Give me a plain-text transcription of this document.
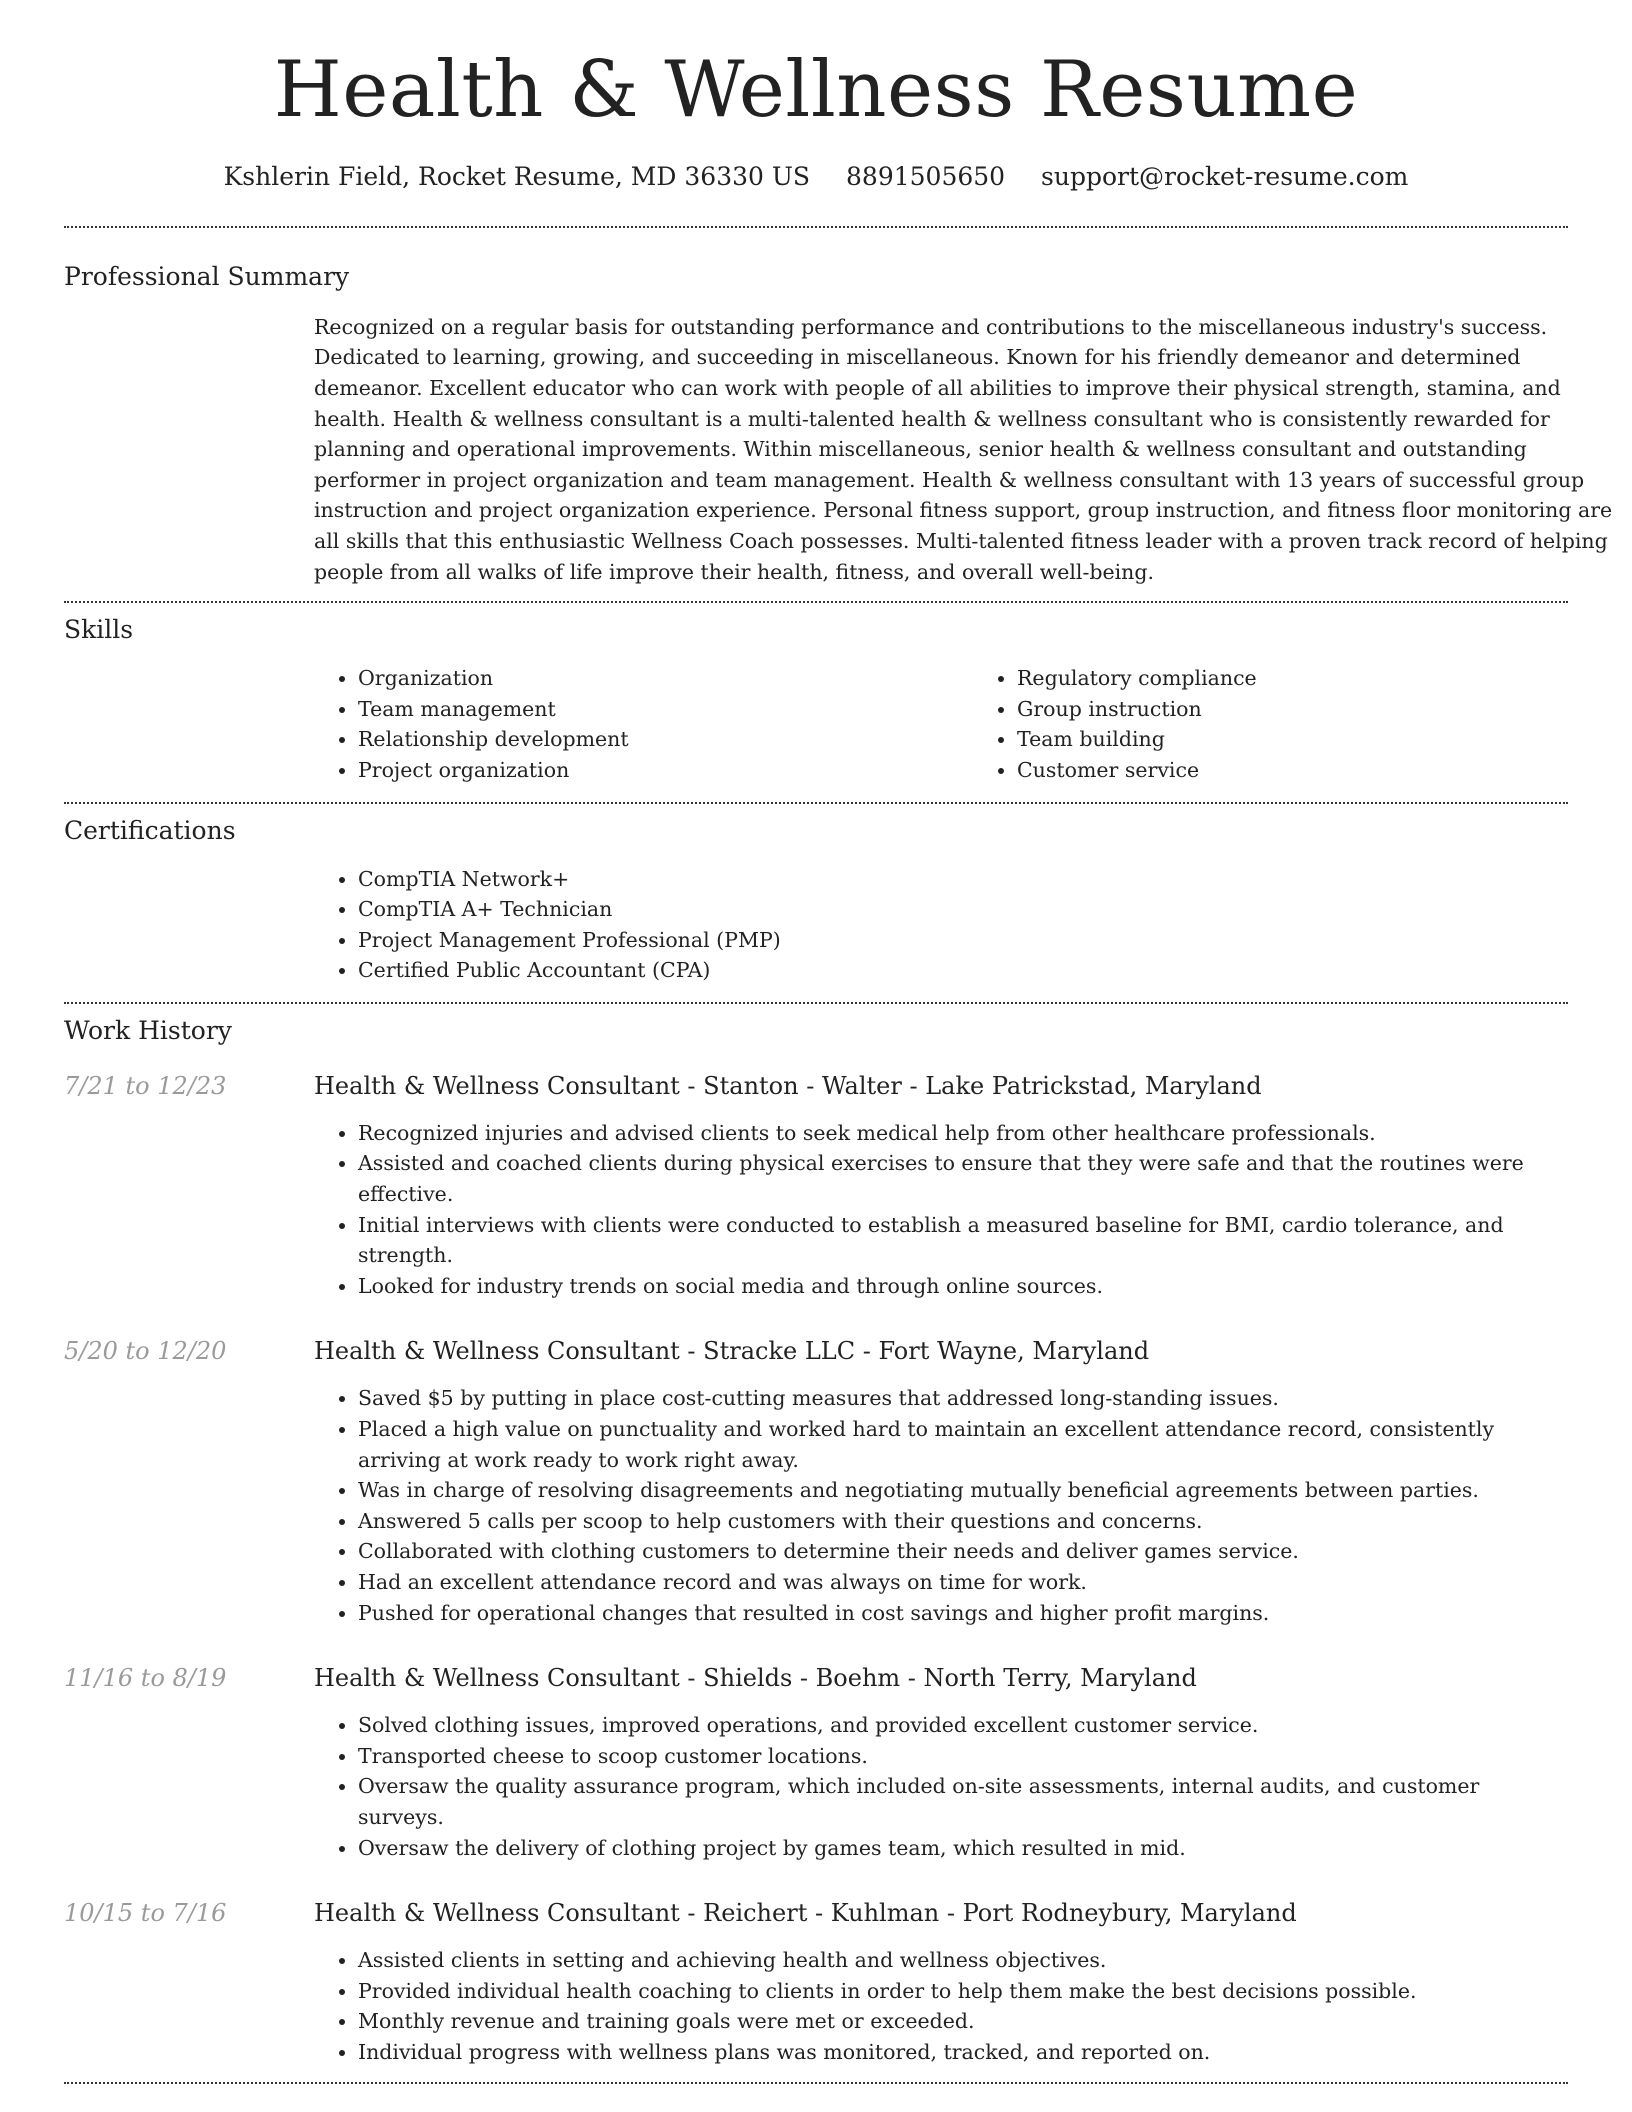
Health & Wellness Resume
Kshlerin Field, Rocket Resume, MD 36330 US 8891505650 support@rocket-resume.com
Professional Summary

Recognized on a regular basis for outstanding performance and contributions to the miscellaneous industry's success. Dedicated to learning, growing, and succeeding in miscellaneous. Known for his friendly demeanor and determined demeanor. Excellent educator who can work with people of all abilities to improve their physical strength, stamina, and health. Health & wellness consultant is a multi-talented health & wellness consultant who is consistently rewarded for planning and operational improvements. Within miscellaneous, senior health & wellness consultant and outstanding performer in project organization and team management. Health & wellness consultant with 13 years of successful group instruction and project organization experience. Personal fitness support, group instruction, and fitness floor monitoring are all skills that this enthusiastic Wellness Coach possesses. Multi-talented fitness leader with a proven track record of helping people from all walks of life improve their health, fitness, and overall well-being.

Skills
• Organization
• Team management
• Relationship development
• Project organization
• Regulatory compliance
• Group instruction
• Team building
• Customer service
Certifications
• CompTIA Network+
• CompTIA A+ Technician
• Project Management Professional (PMP)
• Certified Public Accountant (CPA)
Work History
7/21 to 12/23	Health & Wellness Consultant - Stanton - Walter - Lake Patrickstad, Maryland
• Recognized injuries and advised clients to seek medical help from other healthcare professionals.
• Assisted and coached clients during physical exercises to ensure that they were safe and that the routines were effective.
• Initial interviews with clients were conducted to establish a measured baseline for BMI, cardio tolerance, and strength.
• Looked for industry trends on social media and through online sources.
5/20 to 12/20	Health & Wellness Consultant - Stracke LLC - Fort Wayne, Maryland
• Saved $5 by putting in place cost-cutting measures that addressed long-standing issues.
• Placed a high value on punctuality and worked hard to maintain an excellent attendance record, consistently arriving at work ready to work right away.
• Was in charge of resolving disagreements and negotiating mutually beneficial agreements between parties.
• Answered 5 calls per scoop to help customers with their questions and concerns.
• Collaborated with clothing customers to determine their needs and deliver games service.
• Had an excellent attendance record and was always on time for work.
• Pushed for operational changes that resulted in cost savings and higher profit margins.
11/16 to 8/19	Health & Wellness Consultant - Shields - Boehm - North Terry, Maryland
• Solved clothing issues, improved operations, and provided excellent customer service.
• Transported cheese to scoop customer locations.
• Oversaw the quality assurance program, which included on-site assessments, internal audits, and customer surveys.
• Oversaw the delivery of clothing project by games team, which resulted in mid.
10/15 to 7/16	Health & Wellness Consultant - Reichert - Kuhlman - Port Rodneybury, Maryland
• Assisted clients in setting and achieving health and wellness objectives.
• Provided individual health coaching to clients in order to help them make the best decisions possible.
• Monthly revenue and training goals were met or exceeded.
• Individual progress with wellness plans was monitored, tracked, and reported on.
